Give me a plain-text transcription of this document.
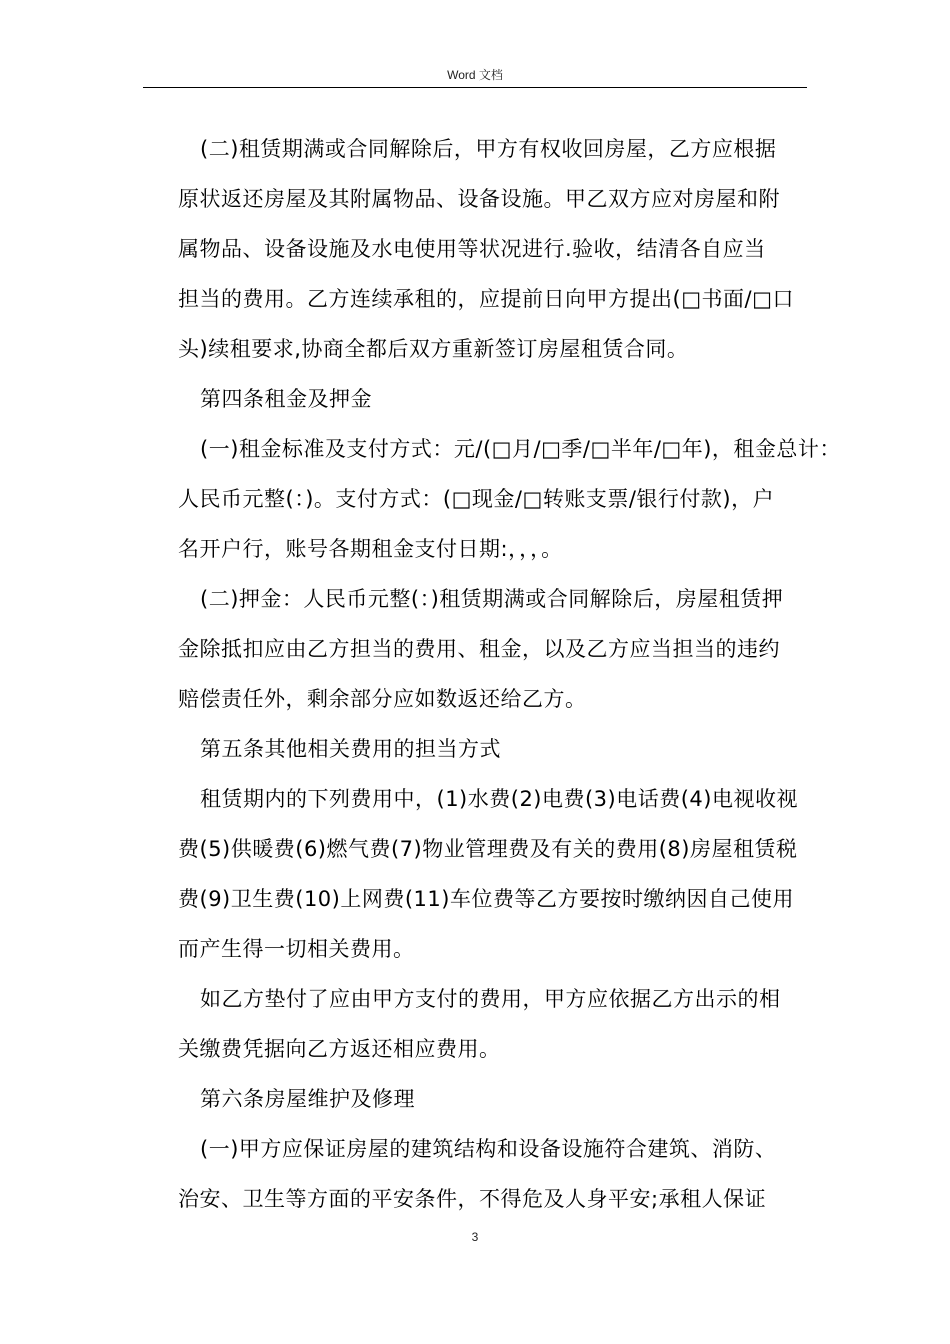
Word 文档
(二)租赁期满或合同解除后，甲方有权收回房屋，乙方应根据
原状返还房屋及其附属物品、设备设施。甲乙双方应对房屋和附
属物品、设备设施及水电使用等状况进行.验收，结清各自应当
担当的费用。乙方连续承租的，应提前日向甲方提出(□书面/□口
头)续租要求,协商全都后双方重新签订房屋租赁合同。
第四条租金及押金
(一)租金标准及支付方式：元/(□月/□季/□半年/□年)，租金总计：
人民币元整(：)。支付方式：(□现金/□转账支票/银行付款)，户
名开户行，账号各期租金支付日期:，，，。
(二)押金：人民币元整(：)租赁期满或合同解除后，房屋租赁押
金除抵扣应由乙方担当的费用、租金，以及乙方应当担当的违约
赔偿责任外，剩余部分应如数返还给乙方。
第五条其他相关费用的担当方式
租赁期内的下列费用中，(1)水费(2)电费(3)电话费(4)电视收视
费(5)供暖费(6)燃气费(7)物业管理费及有关的费用(8)房屋租赁税
费(9)卫生费(10)上网费(11)车位费等乙方要按时缴纳因自己使用
而产生得一切相关费用。
如乙方垫付了应由甲方支付的费用，甲方应依据乙方出示的相
关缴费凭据向乙方返还相应费用。
第六条房屋维护及修理
(一)甲方应保证房屋的建筑结构和设备设施符合建筑、消防、
治安、卫生等方面的平安条件，不得危及人身平安;承租人保证
3
